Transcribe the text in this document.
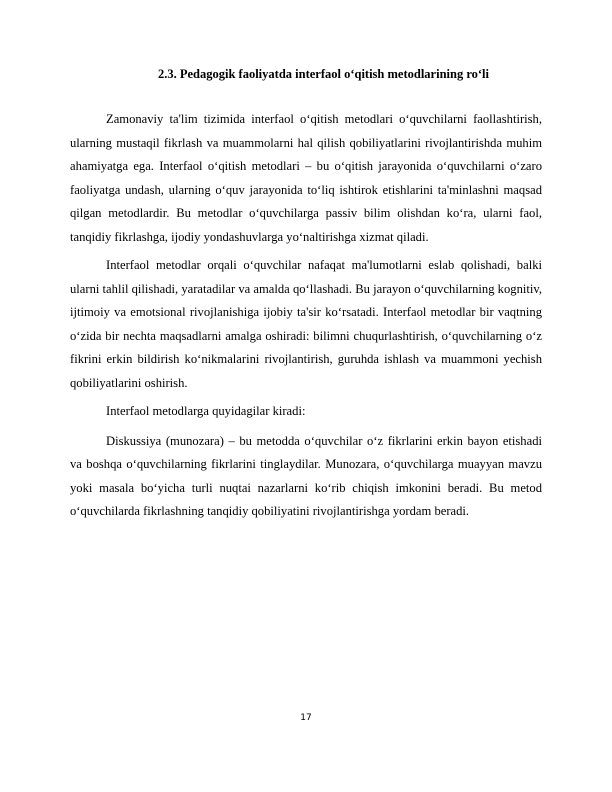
2.3. Pedagogik faoliyatda interfaol o‘qitish metodlarining ro‘li

Zamonaviy ta'lim tizimida interfaol o‘qitish metodlari o‘quvchilarni faollashtirish, ularning mustaqil fikrlash va muammolarni hal qilish qobiliyatlarini rivojlantirishda muhim ahamiyatga ega. Interfaol o‘qitish metodlari – bu o‘qitish jarayonida o‘quvchilarni o‘zaro faoliyatga undash, ularning o‘quv jarayonida to‘liq ishtirok etishlarini ta'minlashni maqsad qilgan metodlardir. Bu metodlar o‘quvchilarga passiv bilim olishdan ko‘ra, ularni faol, tanqidiy fikrlashga, ijodiy yondashuvlarga yo‘naltirishga xizmat qiladi.

Interfaol metodlar orqali o‘quvchilar nafaqat ma'lumotlarni eslab qolishadi, balki ularni tahlil qilishadi, yaratadilar va amalda qo‘llashadi. Bu jarayon o‘quvchilarning kognitiv, ijtimoiy va emotsional rivojlanishiga ijobiy ta'sir ko‘rsatadi. Interfaol metodlar bir vaqtning o‘zida bir nechta maqsadlarni amalga oshiradi: bilimni chuqurlashtirish, o‘quvchilarning o‘z fikrini erkin bildirish ko‘nikmalarini rivojlantirish, guruhda ishlash va muammoni yechish qobiliyatlarini oshirish.

Interfaol metodlarga quyidagilar kiradi:

Diskussiya (munozara) – bu metodda o‘quvchilar o‘z fikrlarini erkin bayon etishadi va boshqa o‘quvchilarning fikrlarini tinglaydilar. Munozara, o‘quvchilarga muayyan mavzu yoki masala bo‘yicha turli nuqtai nazarlarni ko‘rib chiqish imkonini beradi. Bu metod o‘quvchilarda fikrlashning tanqidiy qobiliyatini rivojlantirishga yordam beradi.

17
